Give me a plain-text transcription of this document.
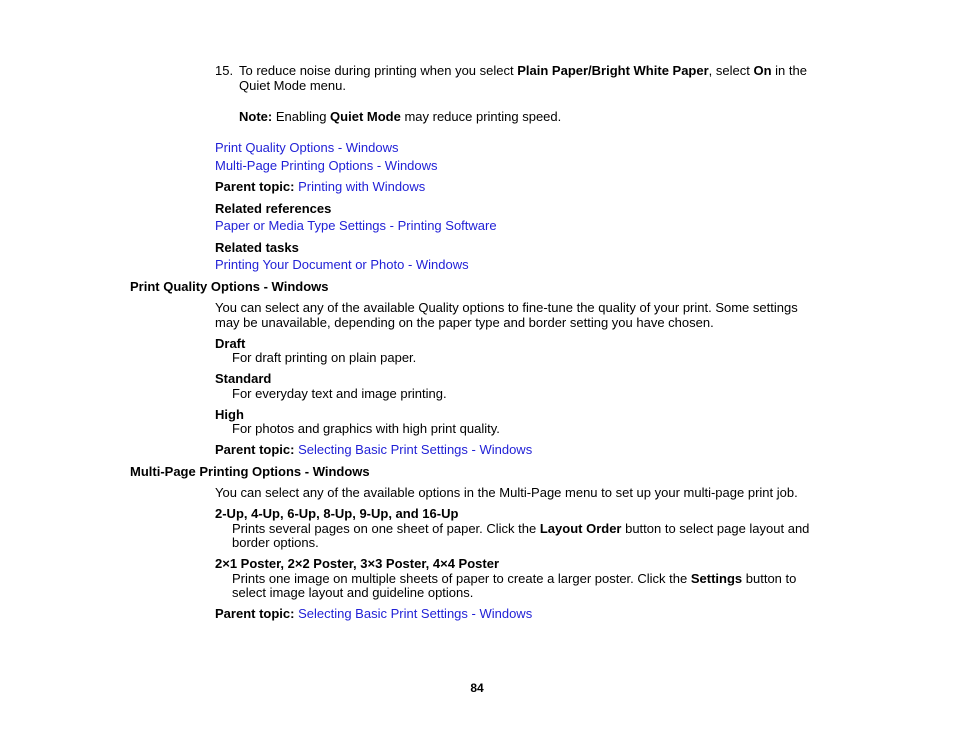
15. To reduce noise during printing when you select Plain Paper/Bright White Paper, select On in the
Quiet Mode menu.
Note: Enabling Quiet Mode may reduce printing speed.
Print Quality Options - Windows
Multi-Page Printing Options - Windows
Parent topic: Printing with Windows
Related references
Paper or Media Type Settings - Printing Software
Related tasks
Printing Your Document or Photo - Windows
Print Quality Options - Windows
You can select any of the available Quality options to fine-tune the quality of your print. Some settings
may be unavailable, depending on the paper type and border setting you have chosen.
Draft
For draft printing on plain paper.
Standard
For everyday text and image printing.
High
For photos and graphics with high print quality.
Parent topic: Selecting Basic Print Settings - Windows
Multi-Page Printing Options - Windows
You can select any of the available options in the Multi-Page menu to set up your multi-page print job.
2-Up, 4-Up, 6-Up, 8-Up, 9-Up, and 16-Up
Prints several pages on one sheet of paper. Click the Layout Order button to select page layout and
border options.
2×1 Poster, 2×2 Poster, 3×3 Poster, 4×4 Poster
Prints one image on multiple sheets of paper to create a larger poster. Click the Settings button to
select image layout and guideline options.
Parent topic: Selecting Basic Print Settings - Windows
84
